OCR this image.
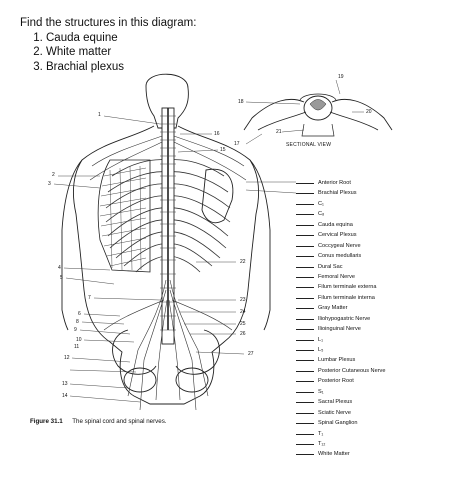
Find the structures in this diagram:
1. Cauda equine
2. White matter
3. Brachial plexus
1
2
3
4
5
7
6
8
9
10
11
12
13
14
15
16
17
18
19
20
21
22
23
24
25
26
27
SECTIONAL VIEW
Anterior Root
Brachial Plexus
C₁
C₈
Cauda equina
Cervical Plexus
Coccygeal Nerve
Conus medullaris
Dural Sac
Femoral Nerve
Filum terminale externa
Filum terminale interna
Gray Matter
Iliohypogastric Nerve
Ilioinguinal Nerve
L₁
L₅
Lumbar Plexus
Posterior Cutaneous Nerve
Posterior Root
S₁
Sacral Plexus
Sciatic Nerve
Spinal Ganglion
T₁
T₁₂
White Matter
Figure 31.1 The spinal cord and spinal nerves.
